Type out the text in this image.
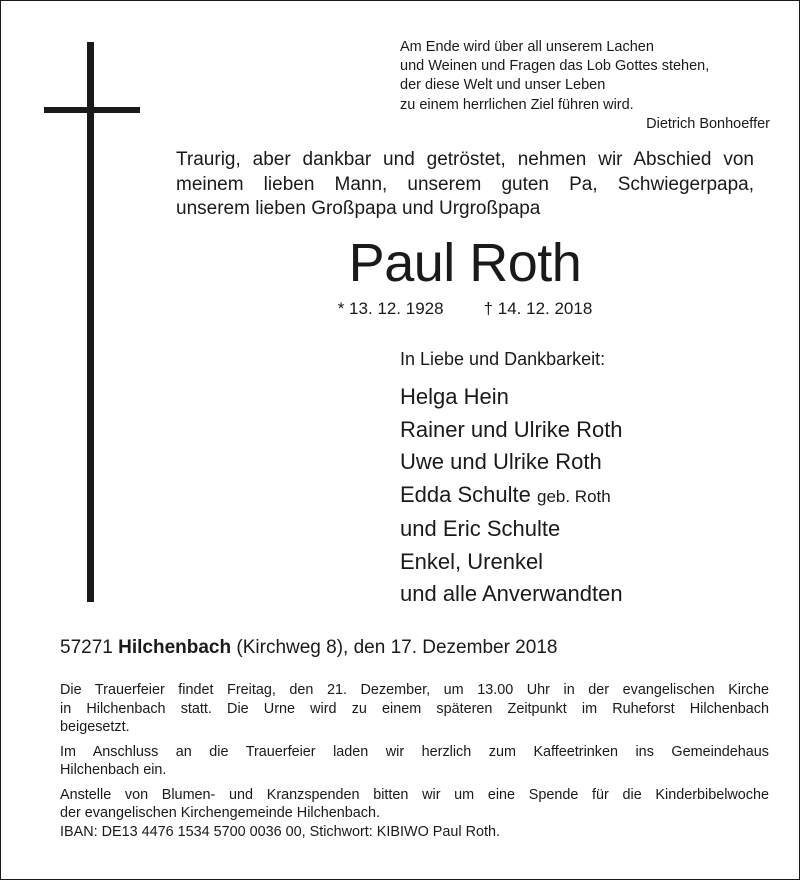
Am Ende wird über all unserem Lachen
und Weinen und Fragen das Lob Gottes stehen,
der diese Welt und unser Leben
zu einem herrlichen Ziel führen wird.
Dietrich Bonhoeffer
Traurig, aber dankbar und getröstet, nehmen wir Abschied von
meinem lieben Mann, unserem guten Pa, Schwiegerpapa,
unserem lieben Großpapa und Urgroßpapa
Paul Roth
* 13. 12. 1928 † 14. 12. 2018
In Liebe und Dankbarkeit:
Helga Hein
Rainer und Ulrike Roth
Uwe und Ulrike Roth
Edda Schulte geb. Roth
und Eric Schulte
Enkel, Urenkel
und alle Anverwandten
57271 Hilchenbach (Kirchweg 8), den 17. Dezember 2018

Die Trauerfeier findet Freitag, den 21. Dezember, um 13.00 Uhr in der evangelischen Kirche
in Hilchenbach statt. Die Urne wird zu einem späteren Zeitpunkt im Ruheforst Hilchenbach
beigesetzt.

Im Anschluss an die Trauerfeier laden wir herzlich zum Kaffeetrinken ins Gemeindehaus
Hilchenbach ein.

Anstelle von Blumen- und Kranzspenden bitten wir um eine Spende für die Kinderbibelwoche
der evangelischen Kirchengemeinde Hilchenbach.
IBAN: DE13 4476 1534 5700 0036 00, Stichwort: KIBIWO Paul Roth.
